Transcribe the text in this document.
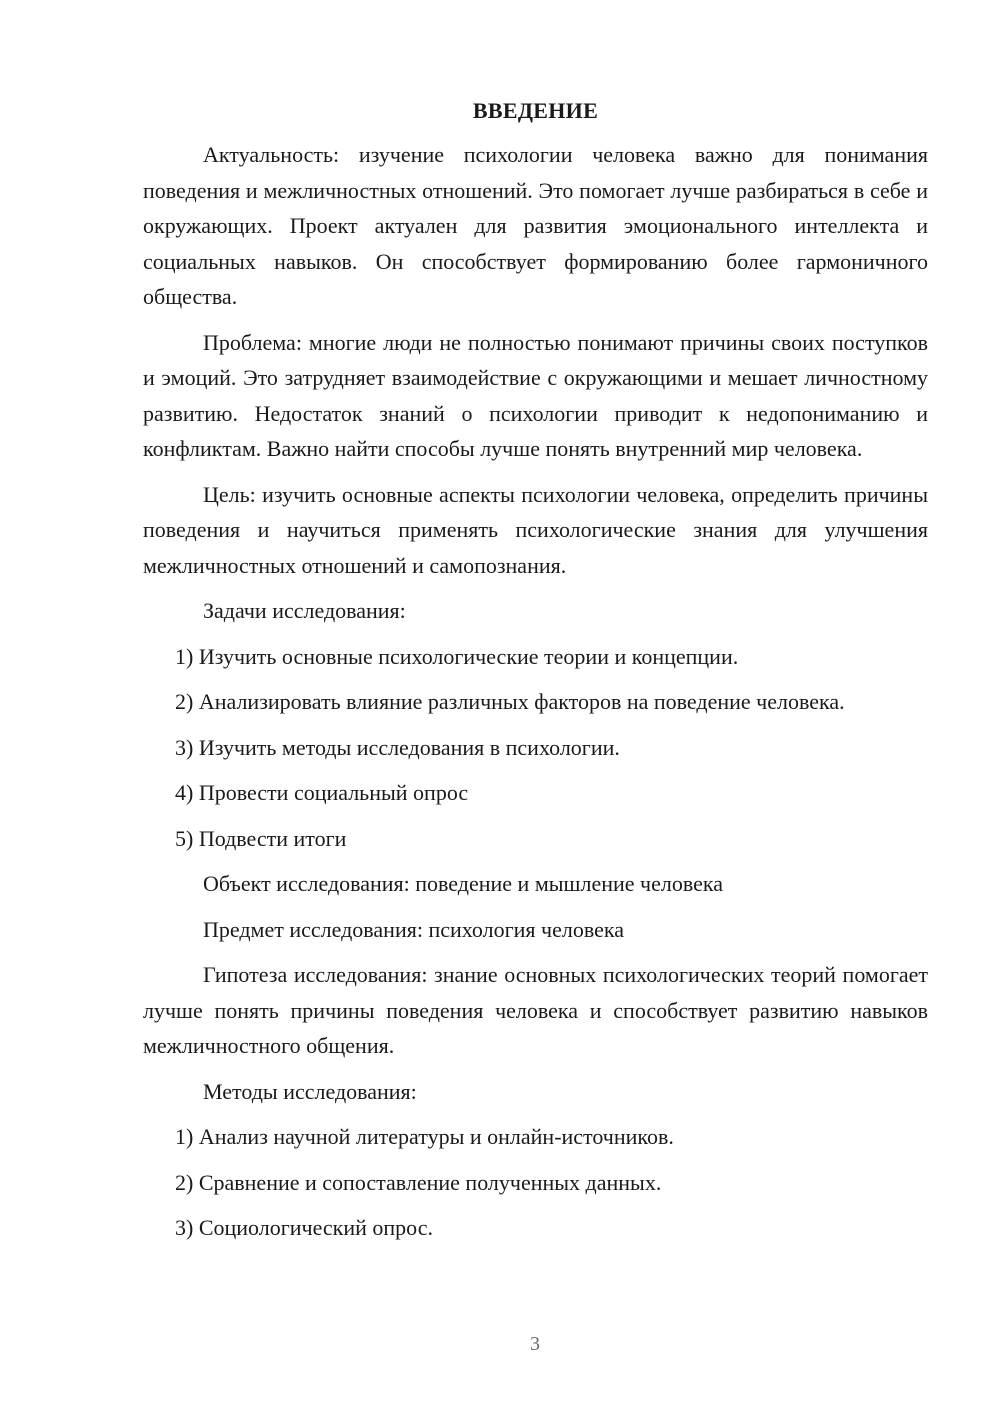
ВВЕДЕНИЕ

Актуальность: изучение психологии человека важно для понимания поведения и межличностных отношений. Это помогает лучше разбираться в себе и окружающих. Проект актуален для развития эмоционального интеллекта и социальных навыков. Он способствует формированию более гармоничного общества.

Проблема: многие люди не полностью понимают причины своих поступков и эмоций. Это затрудняет взаимодействие с окружающими и мешает личностному развитию. Недостаток знаний о психологии приводит к недопониманию и конфликтам. Важно найти способы лучше понять внутренний мир человека.

Цель: изучить основные аспекты психологии человека, определить причины поведения и научиться применять психологические знания для улучшения межличностных отношений и самопознания.

Задачи исследования:
1) Изучить основные психологические теории и концепции.

2) Анализировать влияние различных факторов на поведение человека.

3) Изучить методы исследования в психологии.
4) Провести социальный опрос
5) Подвести итоги
Объект исследования: поведение и мышление человека
Предмет исследования: психология человека

Гипотеза исследования: знание основных психологических теорий помогает лучше понять причины поведения человека и способствует развитию навыков межличностного общения.

Методы исследования:
1) Анализ научной литературы и онлайн-источников.
2) Сравнение и сопоставление полученных данных.
3) Социологический опрос.
3
